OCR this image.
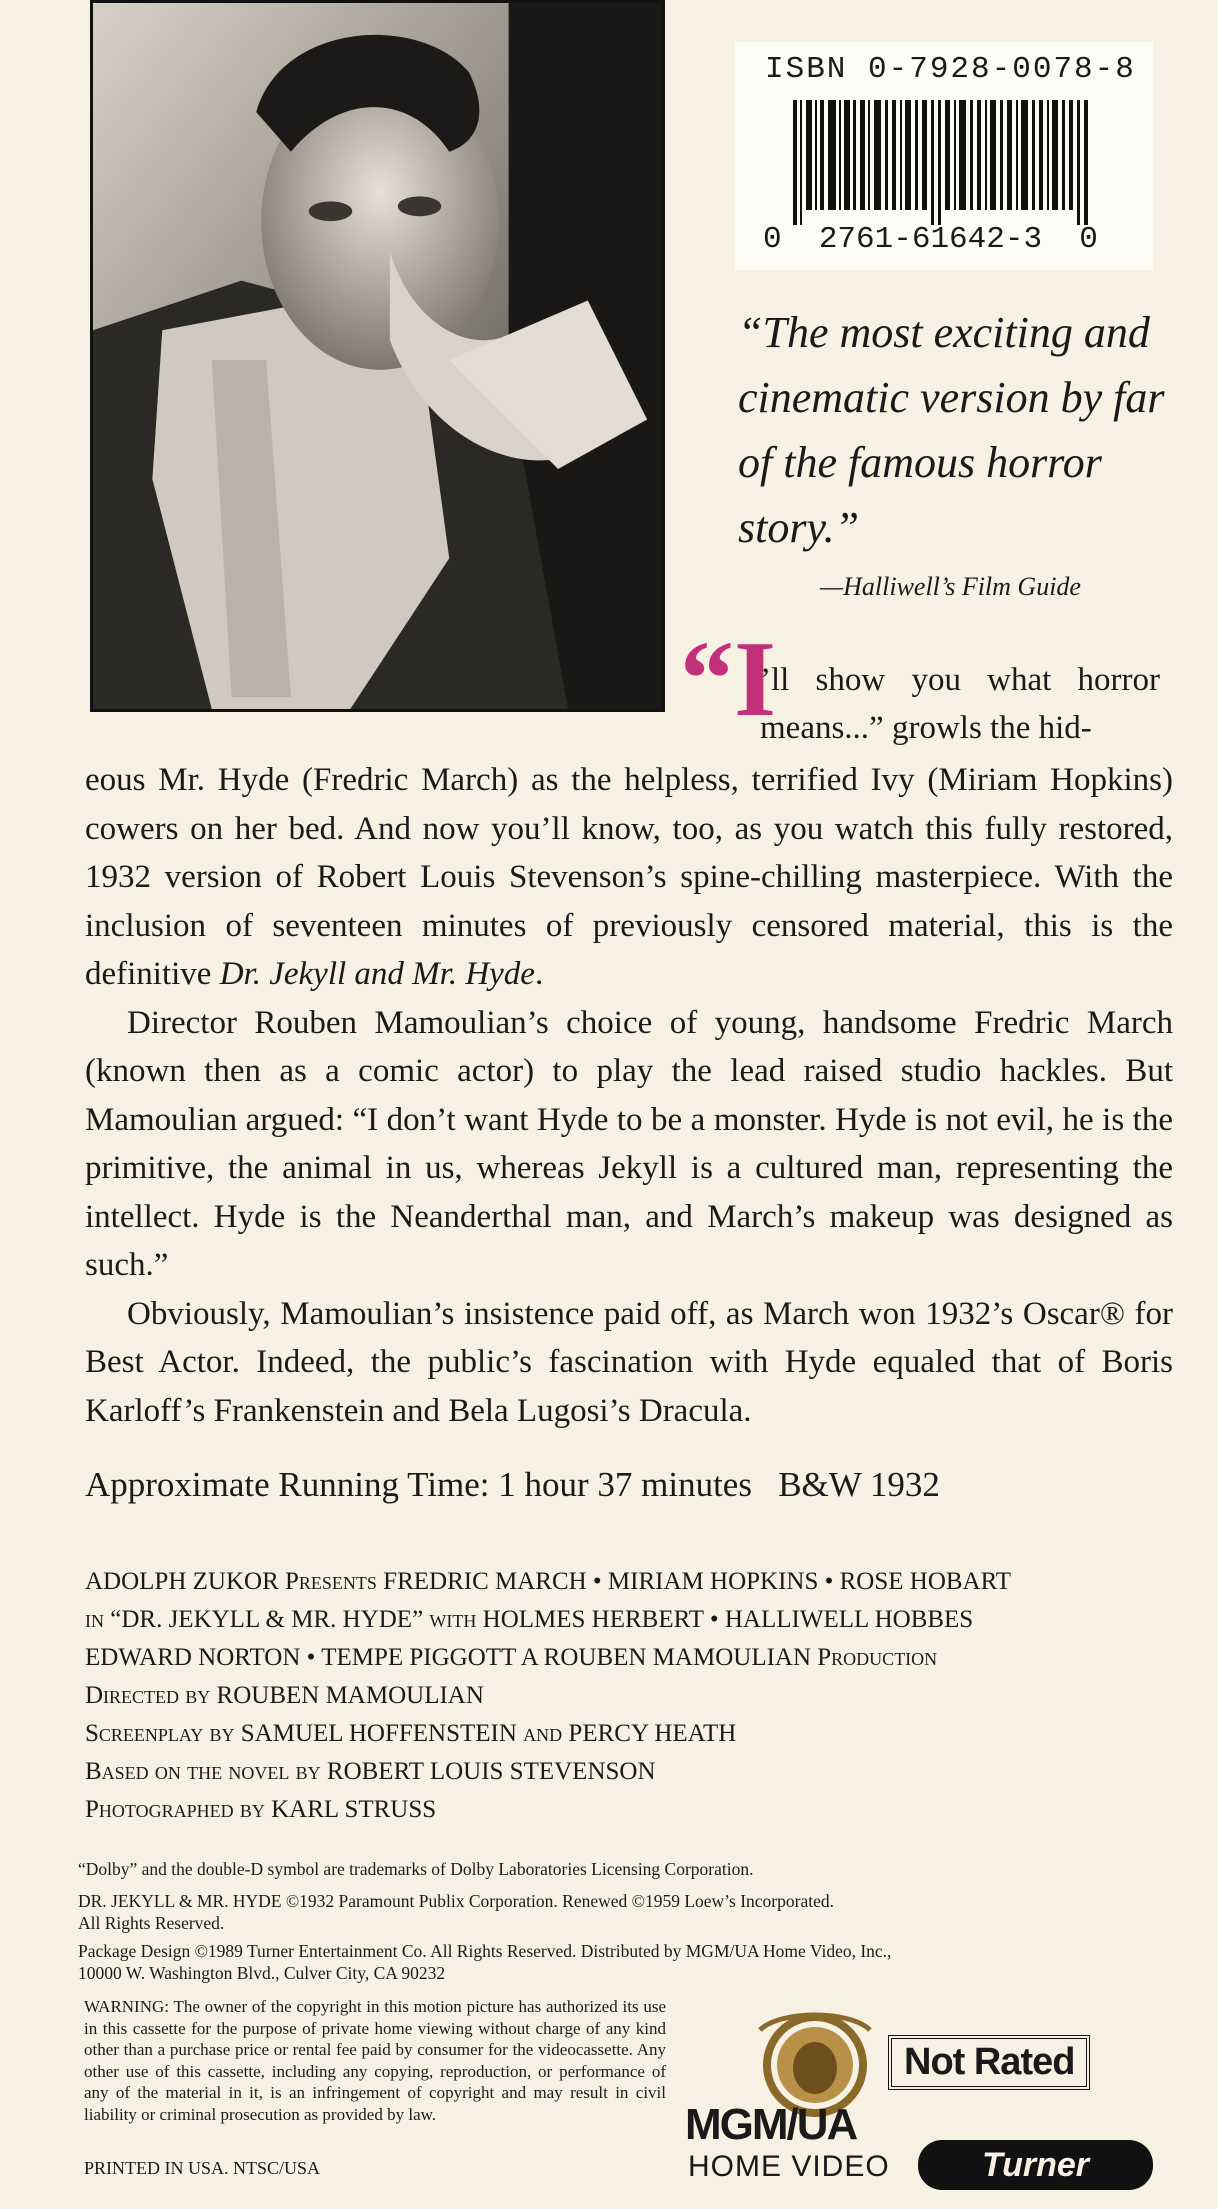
ISBN 0-7928-0078-8
0 2761-61642-3 0
“The most exciting and cinematic version by far of the famous horror story.”
—Halliwell’s Film Guide
“I
’ll show you what horror means...” growls the hid-

eous Mr. Hyde (Fredric March) as the helpless, terrified Ivy (Miriam Hopkins) cowers on her bed. And now you’ll know, too, as you watch this fully restored, 1932 version of Robert Louis Stevenson’s spine-chilling masterpiece. With the inclusion of seventeen minutes of previously censored material, this is the definitive Dr. Jekyll and Mr. Hyde.

Director Rouben Mamoulian’s choice of young, handsome Fredric March (known then as a comic actor) to play the lead raised studio hackles. But Mamoulian argued: “I don’t want Hyde to be a monster. Hyde is not evil, he is the primitive, the animal in us, whereas Jekyll is a cultured man, representing the intellect. Hyde is the Neanderthal man, and March’s makeup was designed as such.”

Obviously, Mamoulian’s insistence paid off, as March won 1932’s Oscar® for Best Actor. Indeed, the public’s fascination with Hyde equaled that of Boris Karloff’s Frankenstein and Bela Lugosi’s Dracula.

Approximate Running Time: 1 hour 37 minutes   B&W 1932
ADOLPH ZUKOR Presents FREDRIC MARCH • MIRIAM HOPKINS • ROSE HOBART
in “DR. JEKYLL & MR. HYDE” with HOLMES HERBERT • HALLIWELL HOBBES
EDWARD NORTON • TEMPE PIGGOTT A ROUBEN MAMOULIAN Production
Directed by ROUBEN MAMOULIAN
Screenplay by SAMUEL HOFFENSTEIN and PERCY HEATH
Based on the novel by ROBERT LOUIS STEVENSON
Photographed by KARL STRUSS
“Dolby” and the double-D symbol are trademarks of Dolby Laboratories Licensing Corporation.
DR. JEKYLL & MR. HYDE ©1932 Paramount Publix Corporation. Renewed ©1959 Loew’s Incorporated.
All Rights Reserved.
Package Design ©1989 Turner Entertainment Co. All Rights Reserved. Distributed by MGM/UA Home Video, Inc.,
10000 W. Washington Blvd., Culver City, CA 90232
WARNING: The owner of the copyright in this motion picture has authorized its use in this cassette for the purpose of private home viewing without charge of any kind other than a purchase price or rental fee paid by consumer for the videocassette. Any other use of this cassette, including any copying, reproduction, or performance of any of the material in it, is an infringement of copyright and may result in civil liability or criminal prosecution as provided by law.
PRINTED IN USA. NTSC/USA
MGM/UA
HOME VIDEO
Not Rated
Turner
